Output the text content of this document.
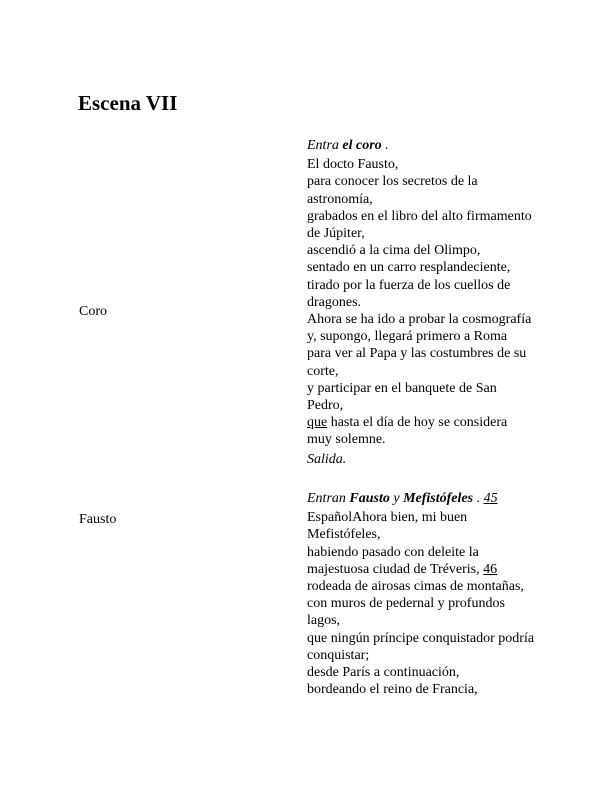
Escena VII
Coro
Entra el coro .
El docto Fausto,
para conocer los secretos de la astronomía,
grabados en el libro del alto firmamento de Júpiter,
ascendió a la cima del Olimpo,
sentado en un carro resplandeciente,
tirado por la fuerza de los cuellos de dragones.
Ahora se ha ido a probar la cosmografía
y, supongo, llegará primero a Roma
para ver al Papa y las costumbres de su corte,
y participar en el banquete de San Pedro,
que hasta el día de hoy se considera muy solemne.
Salida.
Fausto
Entran Fausto y Mefistófeles . 45
EspañolAhora bien, mi buen Mefistófeles,
habiendo pasado con deleite la
majestuosa ciudad de Tréveris, 46
rodeada de airosas cimas de montañas,
con muros de pedernal y profundos lagos,
que ningún príncipe conquistador podría conquistar;
desde París a continuación,
bordeando el reino de Francia,
